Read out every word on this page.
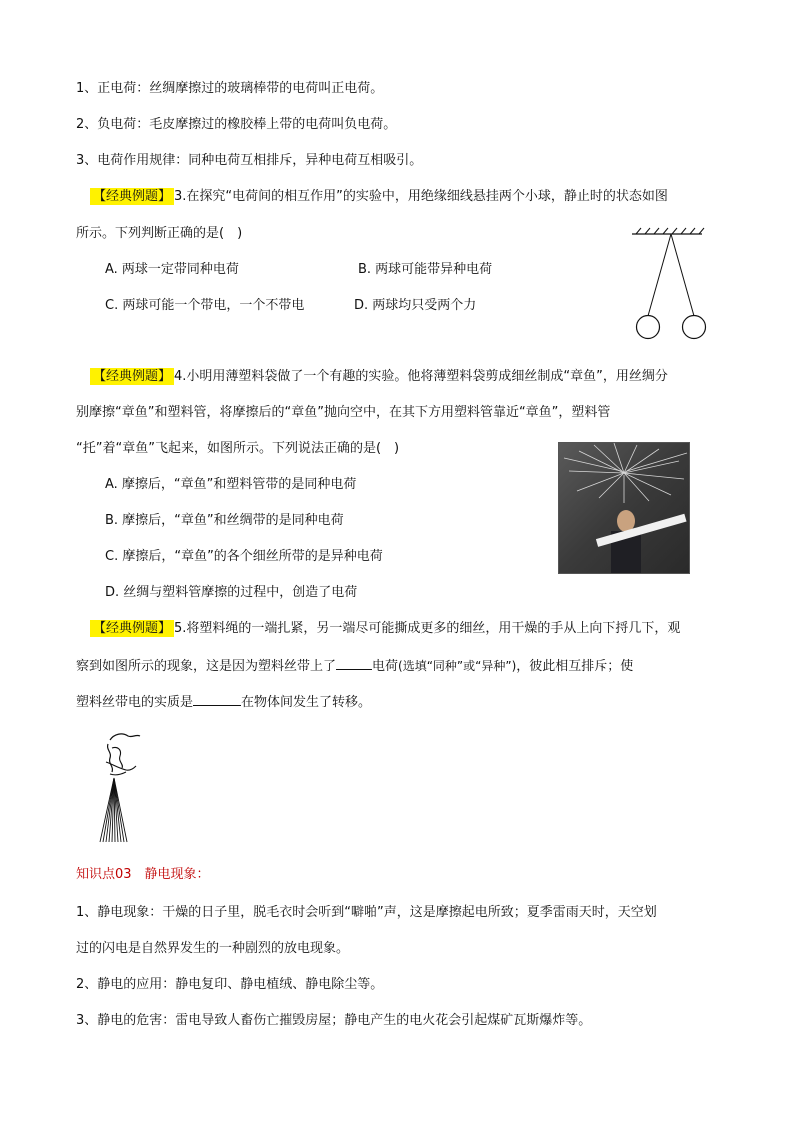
1、正电荷：丝绸摩擦过的玻璃棒带的电荷叫正电荷。
2、负电荷：毛皮摩擦过的橡胶棒上带的电荷叫负电荷。
3、电荷作用规律：同种电荷互相排斥，异种电荷互相吸引。
【经典例题】 3.在探究“电荷间的相互作用”的实验中，用绝缘细线悬挂两个小球，静止时的状态如图
所示。下列判断正确的是(　)
A. 两球一定带同种电荷	B. 两球可能带异种电荷
C. 两球可能一个带电，一个不带电	D. 两球均只受两个力
【经典例题】 4.小明用薄塑料袋做了一个有趣的实验。他将薄塑料袋剪成细丝制成“章鱼”，用丝绸分
别摩擦“章鱼”和塑料管，将摩擦后的“章鱼”抛向空中，在其下方用塑料管靠近“章鱼”，塑料管
“托”着“章鱼”飞起来，如图所示。下列说法正确的是(　)
A. 摩擦后，“章鱼”和塑料管带的是同种电荷
B. 摩擦后，“章鱼”和丝绸带的是同种电荷
C. 摩擦后，“章鱼”的各个细丝所带的是异种电荷
D. 丝绸与塑料管摩擦的过程中，创造了电荷
【经典例题】 5.将塑料绳的一端扎紧，另一端尽可能撕成更多的细丝，用干燥的手从上向下捋几下，观
察到如图所示的现象，这是因为塑料丝带上了	电荷(选填“同种”或“异种”)，彼此相互排斥；使
塑料丝带电的实质是	在物体间发生了转移。
知识点03　静电现象：
1、静电现象：干燥的日子里，脱毛衣时会听到“噼啪”声，这是摩擦起电所致；夏季雷雨天时，天空划
过的闪电是自然界发生的一种剧烈的放电现象。
2、静电的应用：静电复印、静电植绒、静电除尘等。
3、静电的危害：雷电导致人畜伤亡摧毁房屋；静电产生的电火花会引起煤矿瓦斯爆炸等。
